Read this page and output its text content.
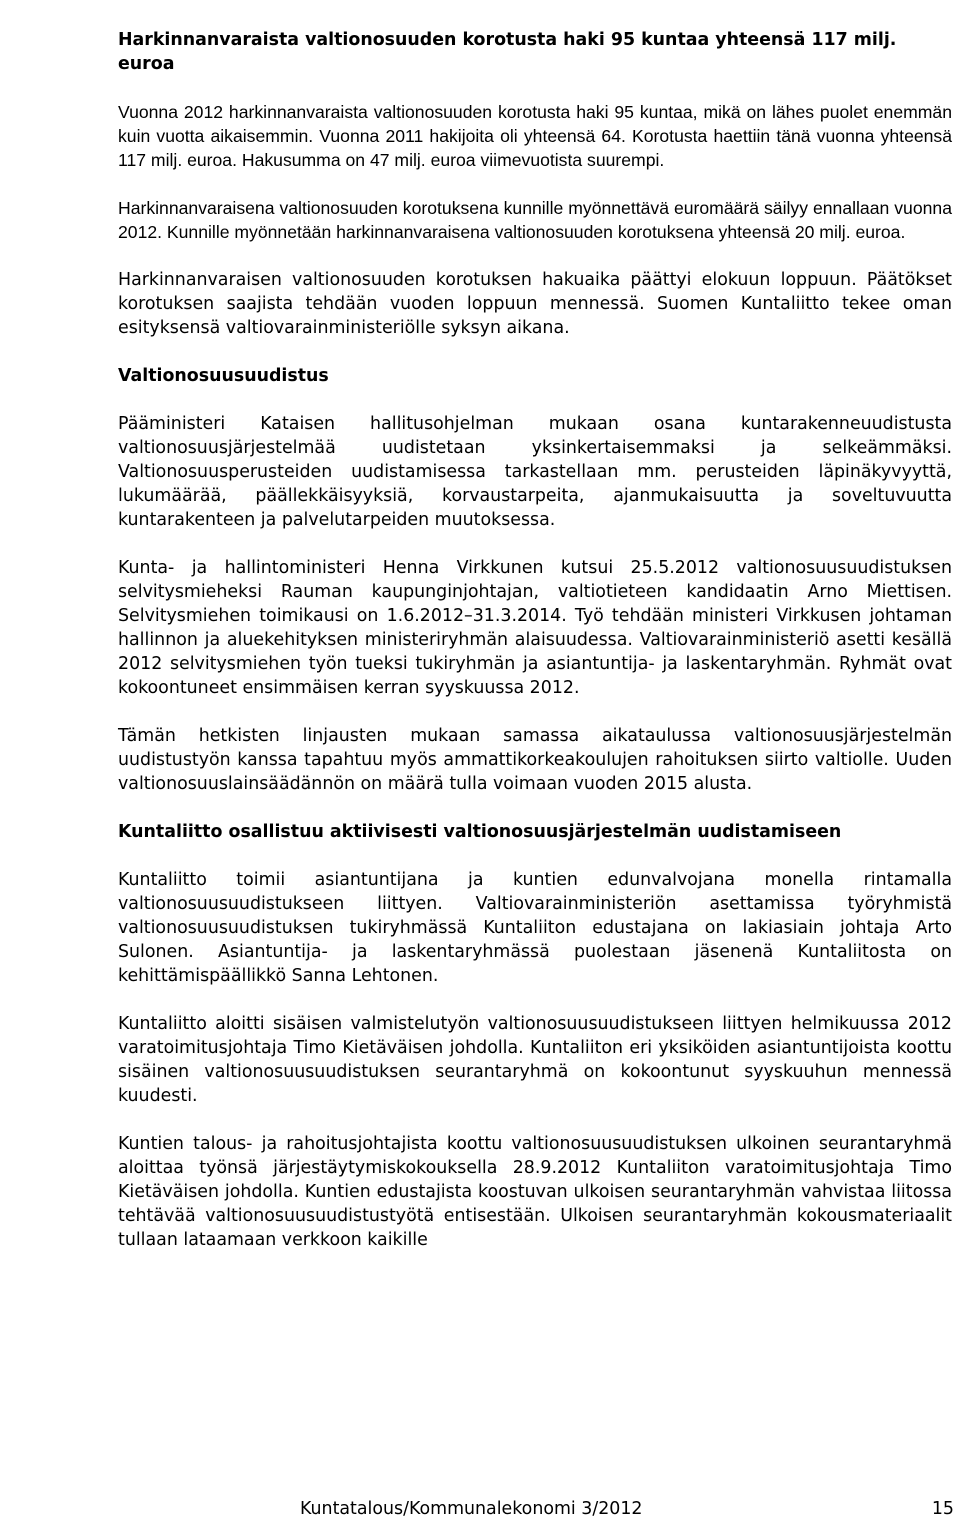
Harkinnanvaraista valtionosuuden korotusta haki 95 kuntaa yhteensä 117 milj. euroa

Vuonna 2012 harkinnanvaraista valtionosuuden korotusta haki 95 kuntaa, mikä on lähes puolet enemmän kuin vuotta aikaisemmin. Vuonna 2011 hakijoita oli yhteensä 64. Korotusta haettiin tänä vuonna yhteensä 117 milj. euroa. Hakusumma on 47 milj. euroa viimevuotista suurempi.

Harkinnanvaraisena valtionosuuden korotuksena kunnille myönnettävä euromäärä säilyy ennallaan vuonna 2012. Kunnille myönnetään harkinnanvaraisena valtionosuuden korotuksena yhteensä 20 milj. euroa.

Harkinnanvaraisen valtionosuuden korotuksen hakuaika päättyi elokuun loppuun. Päätökset korotuksen saajista tehdään vuoden loppuun mennessä. Suomen Kuntaliitto tekee oman esityksensä valtiovarainministeriölle syksyn aikana.

Valtionosuusuudistus

Pääministeri Kataisen hallitusohjelman mukaan osana kuntarakenneuudistusta valtionosuusjärjestelmää uudistetaan yksinkertaisemmaksi ja selkeämmäksi. Valtionosuusperusteiden uudistamisessa tarkastellaan mm. perusteiden läpinäkyvyyttä, lukumäärää, päällekkäisyyksiä, korvaustarpeita, ajanmukaisuutta ja soveltuvuutta kuntarakenteen ja palvelutarpeiden muutoksessa.

Kunta- ja hallintoministeri Henna Virkkunen kutsui 25.5.2012 valtionosuusuudistuksen selvitysmieheksi Rauman kaupunginjohtajan, valtiotieteen kandidaatin Arno Miettisen. Selvitysmiehen toimikausi on 1.6.2012–31.3.2014. Työ tehdään ministeri Virkkusen johtaman hallinnon ja aluekehityksen ministeriryhmän alaisuudessa. Valtiovarainministeriö asetti kesällä 2012 selvitysmiehen työn tueksi tukiryhmän ja asiantuntija- ja laskentaryhmän. Ryhmät ovat kokoontuneet ensimmäisen kerran syyskuussa 2012.

Tämän hetkisten linjausten mukaan samassa aikataulussa valtionosuusjärjestelmän uudistustyön kanssa tapahtuu myös ammattikorkeakoulujen rahoituksen siirto valtiolle. Uuden valtionosuuslainsäädännön on määrä tulla voimaan vuoden 2015 alusta.

Kuntaliitto osallistuu aktiivisesti valtionosuusjärjestelmän uudistamiseen

Kuntaliitto toimii asiantuntijana ja kuntien edunvalvojana monella rintamalla valtionosuusuudistukseen liittyen. Valtiovarainministeriön asettamissa työryhmistä valtionosuusuudistuksen tukiryhmässä Kuntaliiton edustajana on lakiasiain johtaja Arto Sulonen. Asiantuntija- ja laskentaryhmässä puolestaan jäsenenä Kuntaliitosta on kehittämispäällikkö Sanna Lehtonen.

Kuntaliitto aloitti sisäisen valmistelutyön valtionosuusuudistukseen liittyen helmikuussa 2012 varatoimitusjohtaja Timo Kietäväisen johdolla. Kuntaliiton eri yksiköiden asiantuntijoista koottu sisäinen valtionosuusuudistuksen seurantaryhmä on kokoontunut syyskuuhun mennessä kuudesti.

Kuntien talous- ja rahoitusjohtajista koottu valtionosuusuudistuksen ulkoinen seurantaryhmä aloittaa työnsä järjestäytymiskokouksella 28.9.2012 Kuntaliiton varatoimitusjohtaja Timo Kietäväisen johdolla. Kuntien edustajista koostuvan ulkoisen seurantaryhmän vahvistaa liitossa tehtävää valtionosuusuudistustyötä entisestään. Ulkoisen seurantaryhmän kokousmateriaalit tullaan lataamaan verkkoon kaikille

Kuntatalous/Kommunalekonomi 3/2012	15
